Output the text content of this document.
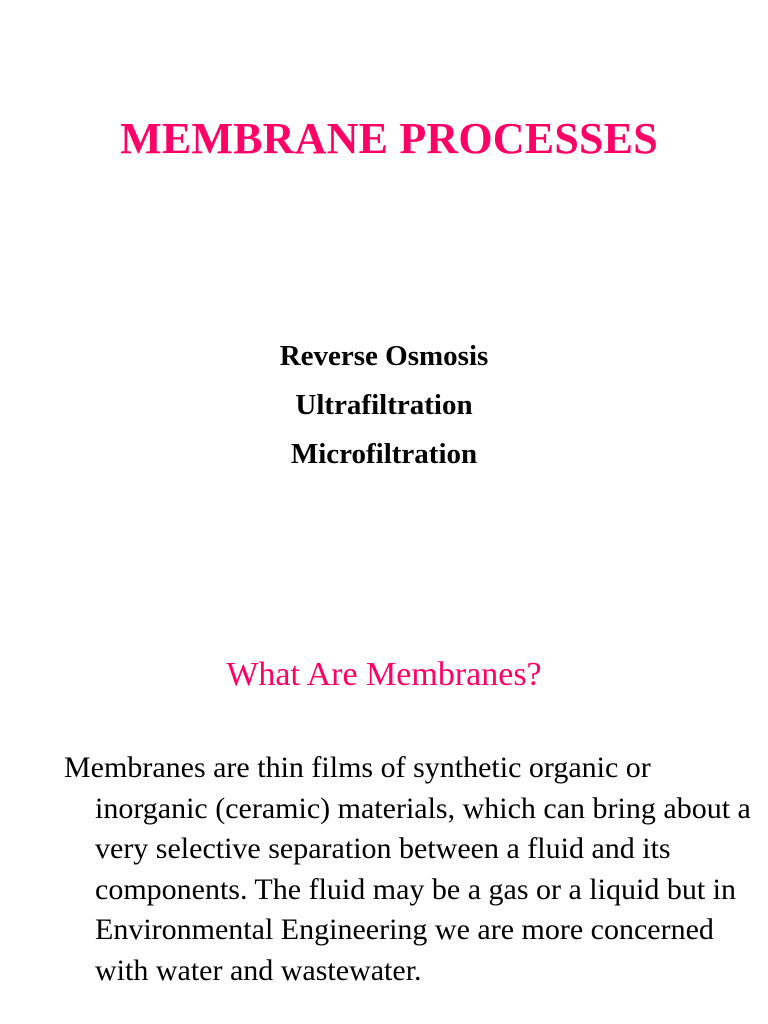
MEMBRANE PROCESSES
Reverse Osmosis
Ultrafiltration
Microfiltration
What Are Membranes?

Membranes are thin films of synthetic organic or inorganic (ceramic) materials, which can bring about a very selective separation between a fluid and its components. The fluid may be a gas or a liquid but in Environmental Engineering we are more concerned with water and wastewater.
